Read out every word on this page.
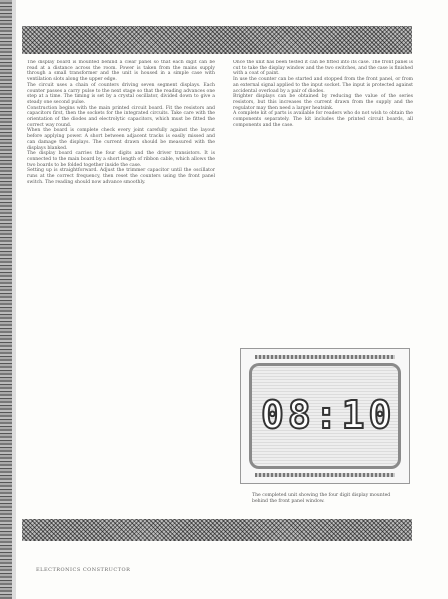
The display board is mounted behind a clear panel so that each digit can be read at a distance across the room. Power is taken from the mains supply through a small transformer and the unit is housed in a simple case with ventilation slots along the upper edge.

The circuit uses a chain of counters driving seven segment displays. Each counter passes a carry pulse to the next stage so that the reading advances one step at a time. The timing is set by a crystal oscillator, divided down to give a steady one second pulse.

Construction begins with the main printed circuit board. Fit the resistors and capacitors first, then the sockets for the integrated circuits. Take care with the orientation of the diodes and electrolytic capacitors, which must be fitted the correct way round.

When the board is complete check every joint carefully against the layout before applying power. A short between adjacent tracks is easily missed and can damage the displays. The current drawn should be measured with the displays blanked.

The display board carries the four digits and the driver transistors. It is connected to the main board by a short length of ribbon cable, which allows the two boards to be folded together inside the case.

Setting up is straightforward. Adjust the trimmer capacitor until the oscillator runs at the correct frequency, then reset the counters using the front panel switch. The reading should now advance smoothly.

Once the unit has been tested it can be fitted into its case. The front panel is cut to take the display window and the two switches, and the case is finished with a coat of paint.

In use the counter can be started and stopped from the front panel, or from an external signal applied to the input socket. The input is protected against accidental overload by a pair of diodes.

Brighter displays can be obtained by reducing the value of the series resistors, but this increases the current drawn from the supply and the regulator may then need a larger heatsink.

A complete kit of parts is available for readers who do not wish to obtain the components separately. The kit includes the printed circuit boards, all components and the case.

08:10
The completed unit showing the four digit display mounted behind the front panel window.
ELECTRONICS CONSTRUCTOR
